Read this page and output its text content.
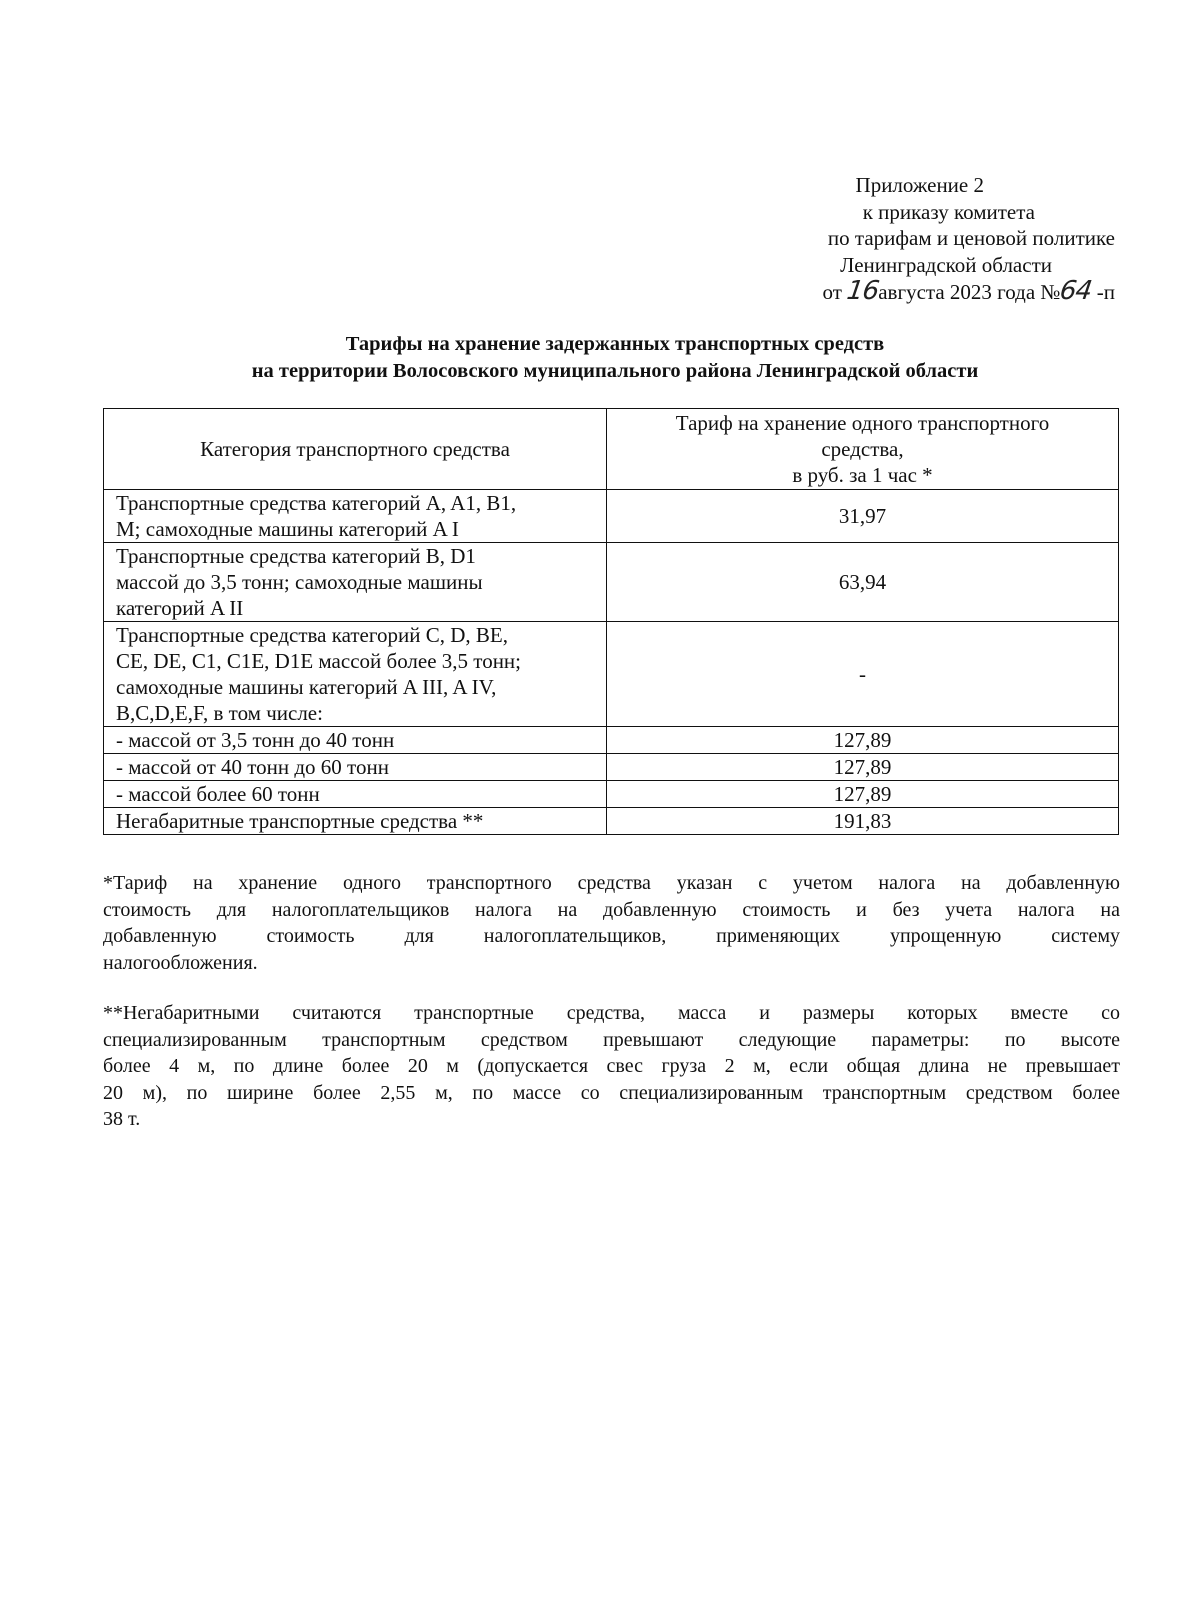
Приложение 2
к приказу комитета
по тарифам и ценовой политике
Ленинградской области
от 16августа 2023 года №64 -п
Тарифы на хранение задержанных транспортных средств
на территории Волосовского муниципального района Ленинградской области
Категория транспортного средства	Тариф на хранение одного транспортного
средства,
в руб. за 1 час *

Транспортные средства категорий A, A1, B1,
M; самоходные машины категорий A I	31,97

Транспортные средства категорий B, D1
массой до 3,5 тонн; самоходные машины
категорий A II	63,94

Транспортные средства категорий C, D, BE,
CE, DE, C1, C1E, D1E массой более 3,5 тонн;
самоходные машины категорий A III, A IV,
B,C,D,E,F, в том числе:	-

- массой от 3,5 тонн до 40 тонн	127,89

- массой от 40 тонн до 60 тонн	127,89

- массой более 60 тонн	127,89

Негабаритные транспортные средства **	191,83
*Тариф на хранение одного транспортного средства указан с учетом налога на добавленную
стоимость для налогоплательщиков налога на добавленную стоимость и без учета налога на
добавленную стоимость для налогоплательщиков, применяющих упрощенную систему
налогообложения.
**Негабаритными считаются транспортные средства, масса и размеры которых вместе со
специализированным транспортным средством превышают следующие параметры: по высоте
более 4 м, по длине более 20 м (допускается свес груза 2 м, если общая длина не превышает
20 м), по ширине более 2,55 м, по массе со специализированным транспортным средством более
38 т.
